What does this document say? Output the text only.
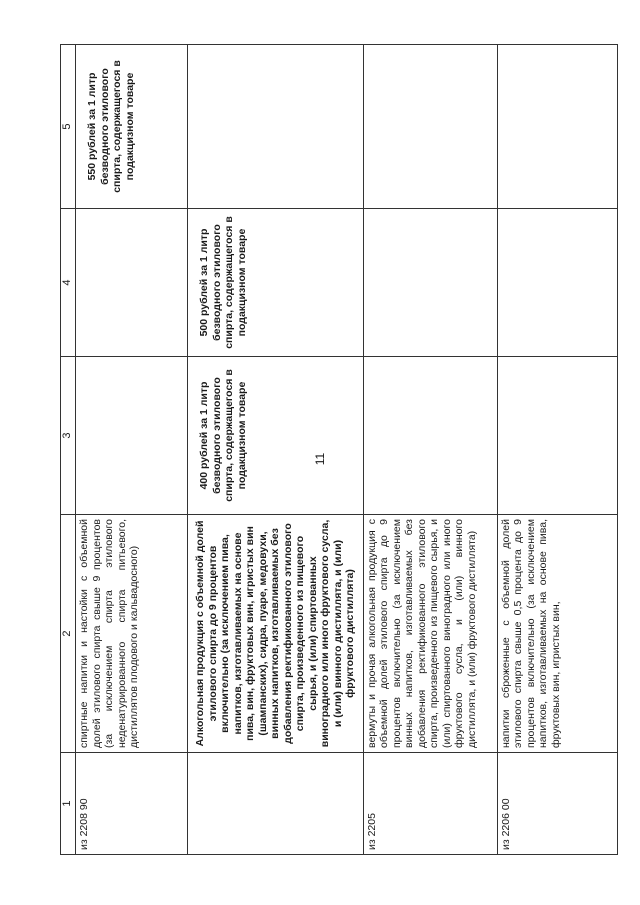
11
1	2	3	4	5
из 2208 90	спиртные напитки и настойки с объемной долей этилового спирта свыше 9 процентов (за исключением спирта этилового неденатурированного спирта питьевого, дистиллятов плодового и кальвадосного)			550 рублей за 1 литр безводного этилового спирта, содержащегося в подакцизном товаре
	Алкогольная продукция с объемной долей этилового спирта до 9 процентов включительно (за исключением пива, напитков, изготавливаемых на основе пива, вин, фруктовых вин, игристых вин (шампанских), сидра, пуаре, медовухи, винных напитков, изготавливаемых без добавления ректификованного этилового спирта, произведенного из пищевого сырья, и (или) спиртованных виноградного или иного фруктового сусла, и (или) винного дистиллята, и (или) фруктового дистиллята)	400 рублей за 1 литр безводного этилового спирта, содержащегося в подакцизном товаре	500 рублей за 1 литр безводного этилового спирта, содержащегося в подакцизном товаре	
из 2205	вермуты и прочая алкогольная продукция с объемной долей этилового спирта до 9 процентов включительно (за исключением винных напитков, изготавливаемых без добавления ректификованного этилового спирта, произведенного из пищевого сырья, и (или) спиртованного виноградного или иного фруктового сусла, и (или) винного дистиллята, и (или) фруктового дистиллята)			
из 2206 00	напитки сброженные с объемной долей этилового спирта свыше 0,5 процента до 9 процентов включительно (за исключением напитков, изготавливаемых на основе пива, фруктовых вин, игристых вин,			
